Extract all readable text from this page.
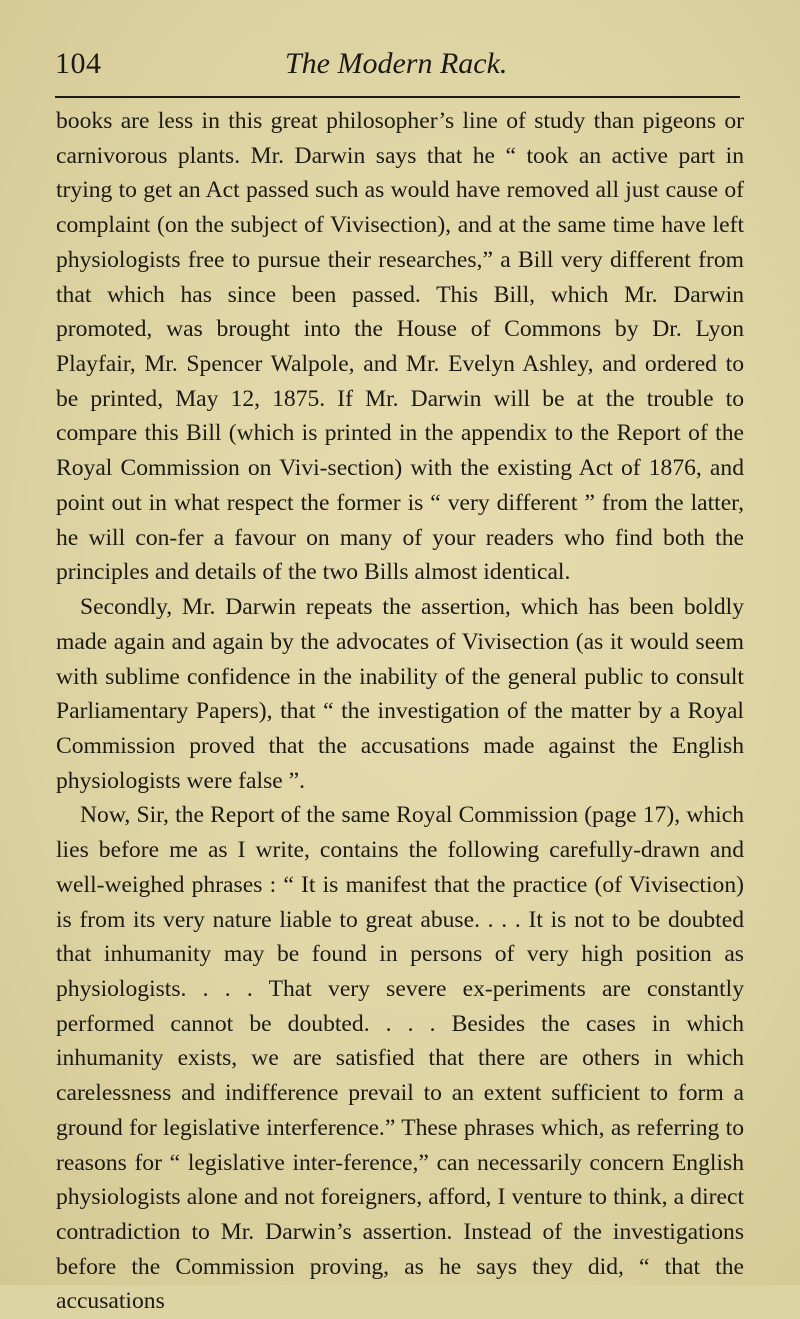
104	The Modern Rack.

books are less in this great philosopher’s line of study than pigeons or carnivorous plants. Mr. Darwin says that he “ took an active part in trying to get an Act passed such as would have removed all just cause of complaint (on the subject of Vivisection), and at the same time have left physiologists free to pursue their researches,” a Bill very different from that which has since been passed. This Bill, which Mr. Darwin promoted, was brought into the House of Commons by Dr. Lyon Playfair, Mr. Spencer Walpole, and Mr. Evelyn Ashley, and ordered to be printed, May 12, 1875. If Mr. Darwin will be at the trouble to compare this Bill (which is printed in the appendix to the Report of the Royal Commission on Vivi-section) with the existing Act of 1876, and point out in what respect the former is “ very different ” from the latter, he will con-fer a favour on many of your readers who find both the principles and details of the two Bills almost identical.

Secondly, Mr. Darwin repeats the assertion, which has been boldly made again and again by the advocates of Vivisection (as it would seem with sublime confidence in the inability of the general public to consult Parliamentary Papers), that “ the investigation of the matter by a Royal Commission proved that the accusations made against the English physiologists were false ”.

Now, Sir, the Report of the same Royal Commission (page 17), which lies before me as I write, contains the following carefully-drawn and well-weighed phrases : “ It is manifest that the practice (of Vivisection) is from its very nature liable to great abuse. . . . It is not to be doubted that inhumanity may be found in persons of very high position as physiologists. . . . That very severe ex-periments are constantly performed cannot be doubted. . . . Besides the cases in which inhumanity exists, we are satisfied that there are others in which carelessness and indifference prevail to an extent sufficient to form a ground for legislative interference.” These phrases which, as referring to reasons for “ legislative inter-ference,” can necessarily concern English physiologists alone and not foreigners, afford, I venture to think, a direct contradiction to Mr. Darwin’s assertion. Instead of the investigations before the Commission proving, as he says they did, “ that the accusations
